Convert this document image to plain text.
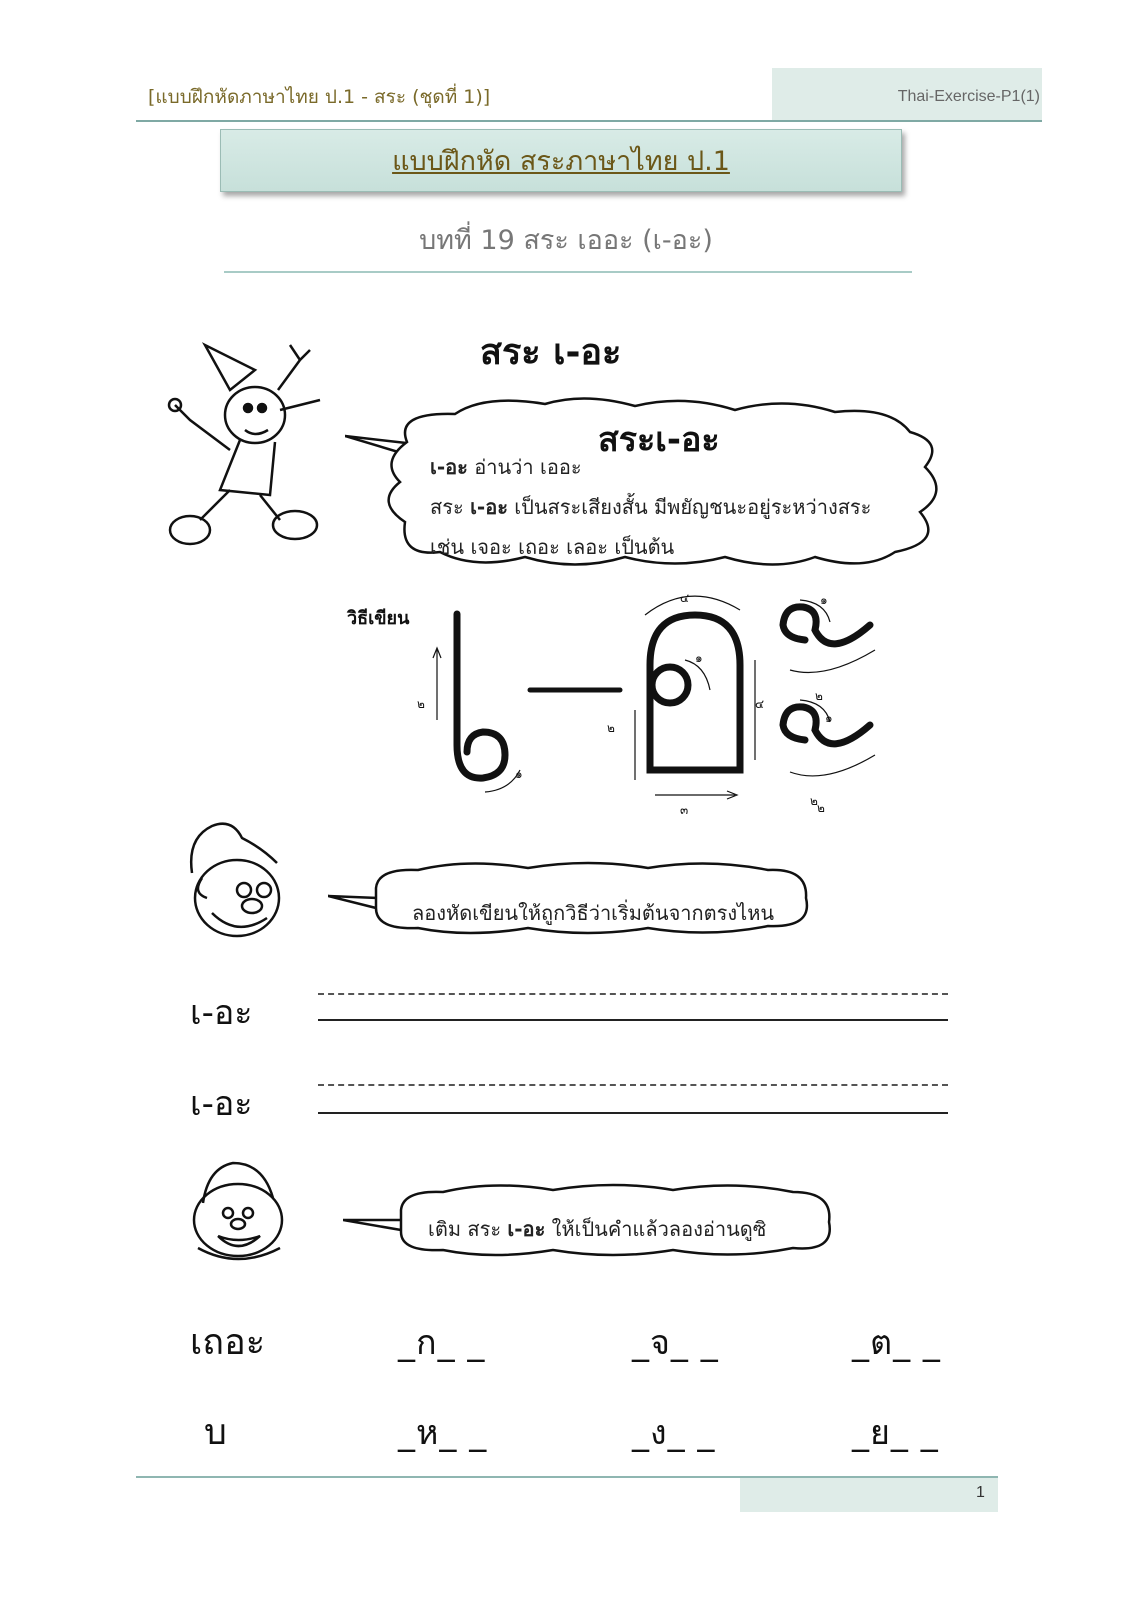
[แบบฝึกหัดภาษาไทย ป.1 - สระ (ชุดที่ 1)]	Thai-Exercise-P1(1)
แบบฝึกหัด สระภาษาไทย ป.1
บทที่ 19 สระ เออะ (เ-อะ)
สระ เ-อะ
สระเ-อะ
เ-อะ อ่านว่า เออะ
สระ เ-อะ เป็นสระเสียงสั้น มีพยัญชนะอยู่ระหว่างสระ
เช่น เจอะ เถอะ เลอะ เป็นต้น
วิธีเขียน
๒
๑
๔
๑
๒
๓
๑
๒
๔
๒
๑
๒
ลองหัดเขียนให้ถูกวิธีว่าเริ่มต้นจากตรงไหน
เ-อะ
เ-อะ
เติม สระ เ-อะ ให้เป็นคำแล้วลองอ่านดูซิ
เถอะ	_ก_ _	_จ_ _	_ต_ _
บ	_ห_ _	_ง_ _	_ย_ _
1
